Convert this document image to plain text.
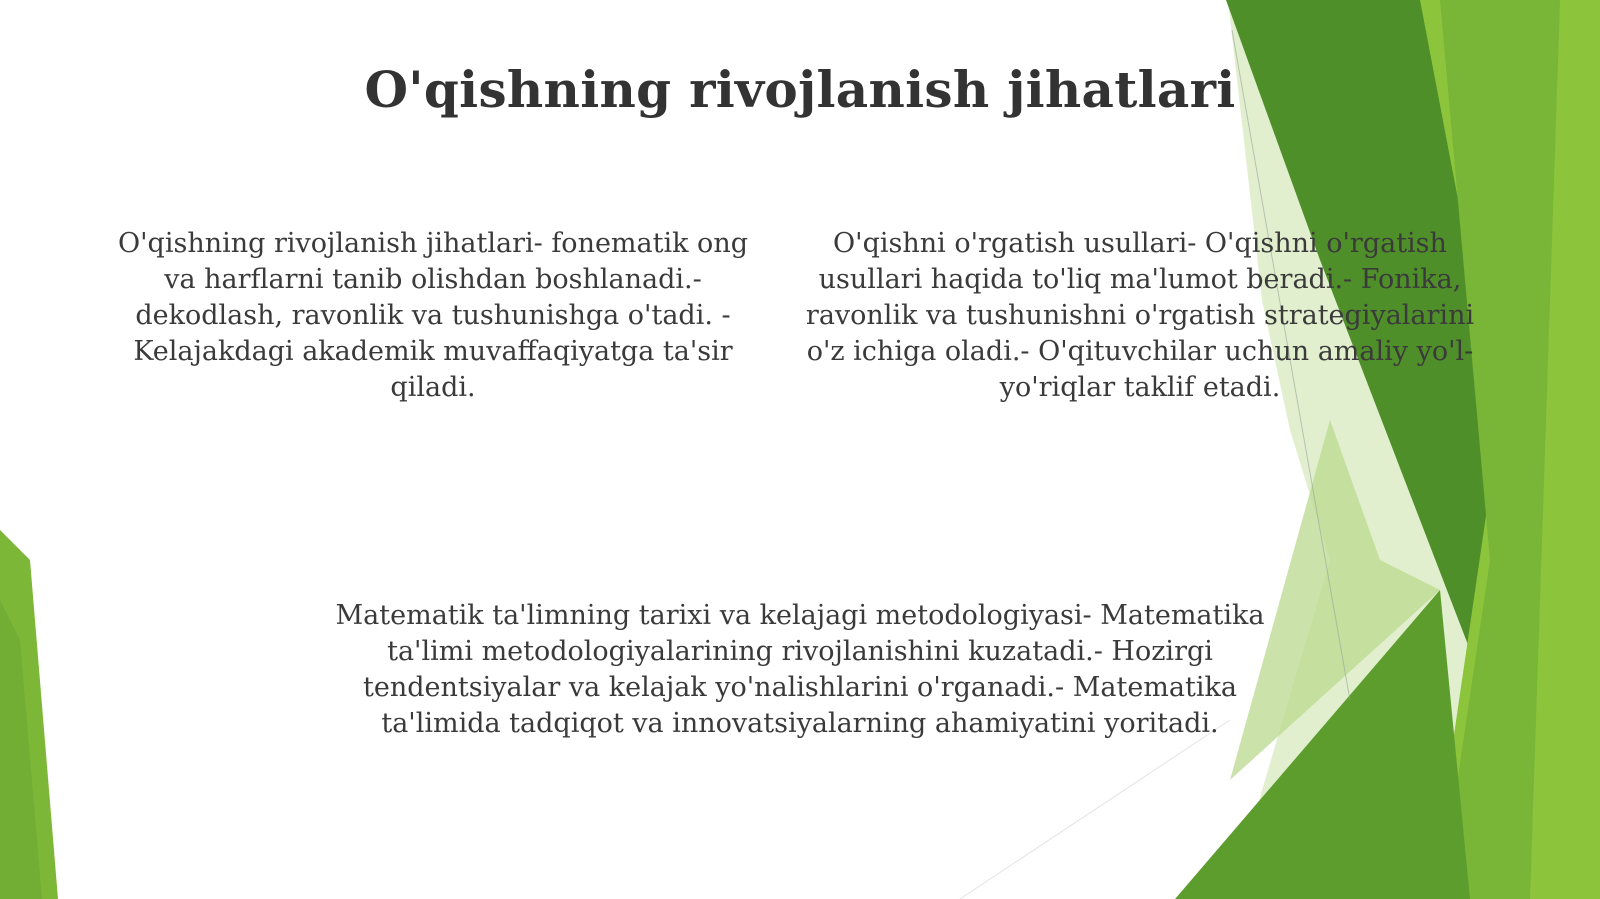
O'qishning rivojlanish jihatlari
O'qishning rivojlanish jihatlari- fonematik ong va harflarni tanib olishdan boshlanadi.- dekodlash, ravonlik va tushunishga o'tadi. - Kelajakdagi akademik muvaffaqiyatga ta'sir qiladi.
O'qishni o'rgatish usullari- O'qishni o'rgatish usullari haqida to'liq ma'lumot beradi.- Fonika, ravonlik va tushunishni o'rgatish strategiyalarini o'z ichiga oladi.- O'qituvchilar uchun amaliy yo'l-yo'riqlar taklif etadi.
Matematik ta'limning tarixi va kelajagi metodologiyasi- Matematika ta'limi metodologiyalarining rivojlanishini kuzatadi.- Hozirgi tendentsiyalar va kelajak yo'nalishlarini o'rganadi.- Matematika ta'limida tadqiqot va innovatsiyalarning ahamiyatini yoritadi.
